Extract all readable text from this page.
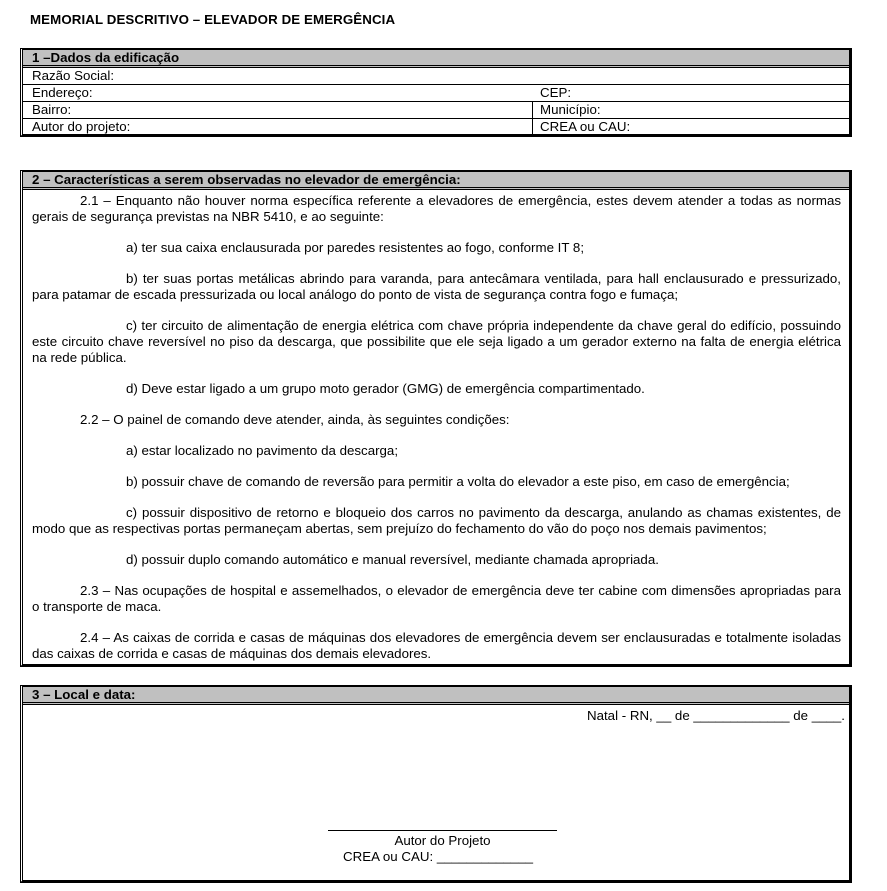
MEMORIAL DESCRITIVO – ELEVADOR DE EMERGÊNCIA
1 –Dados da edificação
Razão Social:
Endereço:	CEP:
Bairro:	Município:
Autor do projeto:	CREA ou CAU:
2 – Características a serem observadas no elevador de emergência:

2.1 – Enquanto não houver norma específica referente a elevadores de emergência, estes devem atender a todas as normas gerais de segurança previstas na NBR 5410, e ao seguinte:

a) ter sua caixa enclausurada por paredes resistentes ao fogo, conforme IT 8;

b) ter suas portas metálicas abrindo para varanda, para antecâmara ventilada, para hall enclausurado e pressurizado, para patamar de escada pressurizada ou local análogo do ponto de vista de segurança contra fogo e fumaça;

c) ter circuito de alimentação de energia elétrica com chave própria independente da chave geral do edifício, possuindo este circuito chave reversível no piso da descarga, que possibilite que ele seja ligado a um gerador externo na falta de energia elétrica na rede pública.

d) Deve estar ligado a um grupo moto gerador (GMG) de emergência compartimentado.

2.2 – O painel de comando deve atender, ainda, às seguintes condições:

a) estar localizado no pavimento da descarga;

b) possuir chave de comando de reversão para permitir a volta do elevador a este piso, em caso de emergência;

c) possuir dispositivo de retorno e bloqueio dos carros no pavimento da descarga, anulando as chamas existentes, de modo que as respectivas portas permaneçam abertas, sem prejuízo do fechamento do vão do poço nos demais pavimentos;

d) possuir duplo comando automático e manual reversível, mediante chamada apropriada.

2.3 – Nas ocupações de hospital e assemelhados, o elevador de emergência deve ter cabine com dimensões apropriadas para o transporte de maca.

2.4 – As caixas de corrida e casas de máquinas dos elevadores de emergência devem ser enclausuradas e totalmente isoladas das caixas de corrida e casas de máquinas dos demais elevadores.

3 – Local e data:
Natal - RN, __ de _____________ de ____.
Autor do Projeto
CREA ou CAU: _____________
